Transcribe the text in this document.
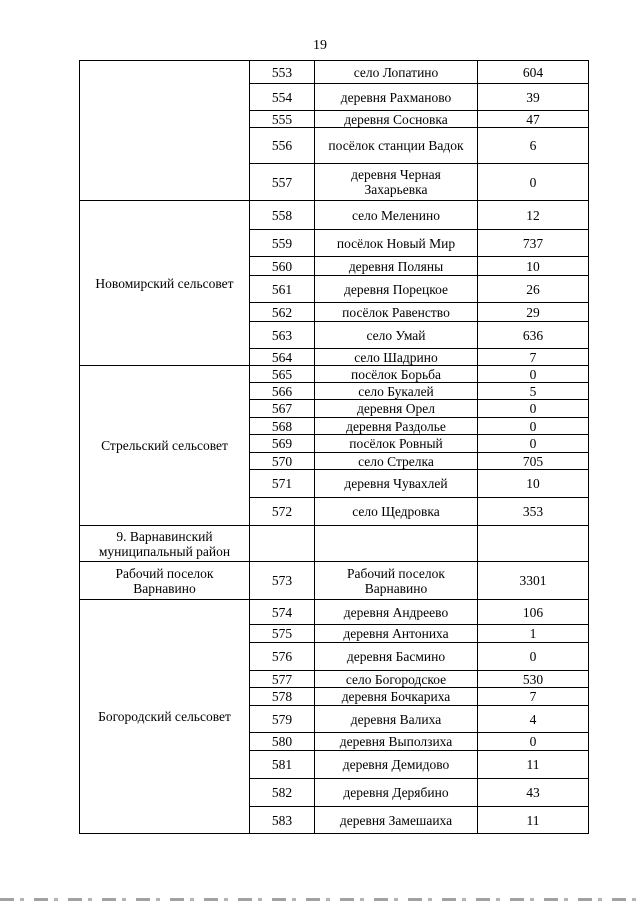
19
	553	село Лопатино	604
	554	деревня Рахманово	39
	555	деревня Сосновка	47
	556	посёлок станции Вадок	6
	557	деревня Черная Захарьевка	0
Новомирский сельсовет	558	село Меленино	12
	559	посёлок Новый Мир	737
	560	деревня Поляны	10
	561	деревня Порецкое	26
	562	посёлок Равенство	29
	563	село Умай	636
	564	село Шадрино	7
Стрельский сельсовет	565	посёлок Борьба	0
	566	село Букалей	5
	567	деревня Орел	0
	568	деревня Раздолье	0
	569	посёлок Ровный	0
	570	село Стрелка	705
	571	деревня Чувахлей	10
	572	село Щедровка	353
9. Варнавинский муниципальный район			
Рабочий поселок Варнавино	573	Рабочий поселок Варнавино	3301
Богородский сельсовет	574	деревня Андреево	106
	575	деревня Антониха	1
	576	деревня Басмино	0
	577	село Богородское	530
	578	деревня Бочкариха	7
	579	деревня Валиха	4
	580	деревня Выползиха	0
	581	деревня Демидово	11
	582	деревня Дерябино	43
	583	деревня Замешаиха	11
